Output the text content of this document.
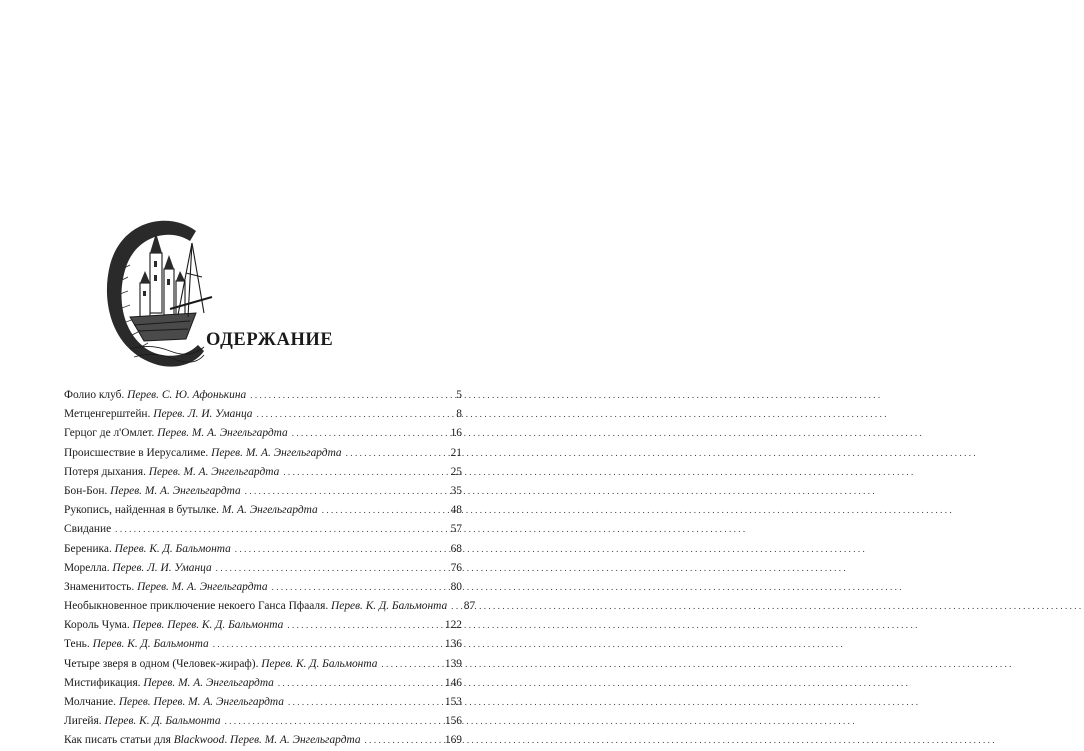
ОДЕРЖАНИЕ
Фолио клуб. Перев. С. Ю. Афонькина .....	5
Метценгерштейн. Перев. Л. И. Уманца .....	8
Герцог де л'Омлет. Перев. М. А. Энгельгардта .....	16
Происшествие в Иерусалиме. Перев. М. А. Энгельгардта .....	21
Потеря дыхания. Перев. М. А. Энгельгардта .....	25
Бон-Бон. Перев. М. А. Энгельгардта .....	35
Рукопись, найденная в бутылке. М. А. Энгельгардта .....	48
Свидание .....	57
Береника. Перев. К. Д. Бальмонта .....	68
Морелла. Перев. Л. И. Уманца .....	76
Знаменитость. Перев. М. А. Энгельгардта .....	80
Необыкновенное приключение некоего Ганса Пфааля. Перев. К. Д. Бальмонта ..... 87
Король Чума. Перев. Перев. К. Д. Бальмонта .....	122
Тень. Перев. К. Д. Бальмонта .....	136
Четыре зверя в одном (Человек-жираф). Перев. К. Д. Бальмонта .....	139
Мистификация. Перев. М. А. Энгельгардта .....	146
Молчание. Перев. Перев. М. А. Энгельгардта .....	153
Лигейя. Перев. К. Д. Бальмонта .....	156
Как писать статьи для Blackwood. Перев. М. А. Энгельгардта .....	169
